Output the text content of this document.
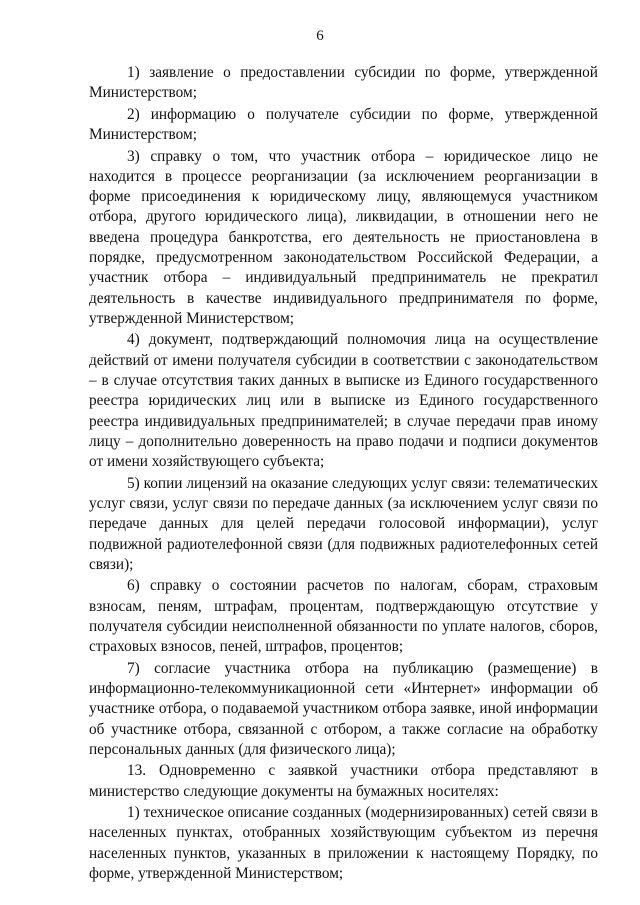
6

1) заявление о предоставлении субсидии по форме, утвержденной Министерством;

2) информацию о получателе субсидии по форме, утвержденной Министерством;

3) справку о том, что участник отбора – юридическое лицо не находится в процессе реорганизации (за исключением реорганизации в форме присоединения к юридическому лицу, являющемуся участником отбора, другого юридического лица), ликвидации, в отношении него не введена процедура банкротства, его деятельность не приостановлена в порядке, предусмотренном законодательством Российской Федерации, а участник отбора – индивидуальный предприниматель не прекратил деятельность в качестве индивидуального предпринимателя по форме, утвержденной Министерством;

4) документ, подтверждающий полномочия лица на осуществление действий от имени получателя субсидии в соответствии с законодательством – в случае отсутствия таких данных в выписке из Единого государственного реестра юридических лиц или в выписке из Единого государственного реестра индивидуальных предпринимателей; в случае передачи прав иному лицу – дополнительно доверенность на право подачи и подписи документов от имени хозяйствующего субъекта;

5) копии лицензий на оказание следующих услуг связи: телематических услуг связи, услуг связи по передаче данных (за исключением услуг связи по передаче данных для целей передачи голосовой информации), услуг подвижной радиотелефонной связи (для подвижных радиотелефонных сетей связи);

6) справку о состоянии расчетов по налогам, сборам, страховым взносам, пеням, штрафам, процентам, подтверждающую отсутствие у получателя субсидии неисполненной обязанности по уплате налогов, сборов, страховых взносов, пеней, штрафов, процентов;

7) согласие участника отбора на публикацию (размещение) в информационно-телекоммуникационной сети «Интернет» информации об участнике отбора, о подаваемой участником отбора заявке, иной информации об участнике отбора, связанной с отбором, а также согласие на обработку персональных данных (для физического лица);

13. Одновременно с заявкой участники отбора представляют в министерство следующие документы на бумажных носителях:

1) техническое описание созданных (модернизированных) сетей связи в населенных пунктах, отобранных хозяйствующим субъектом из перечня населенных пунктов, указанных в приложении к настоящему Порядку, по форме, утвержденной Министерством;
